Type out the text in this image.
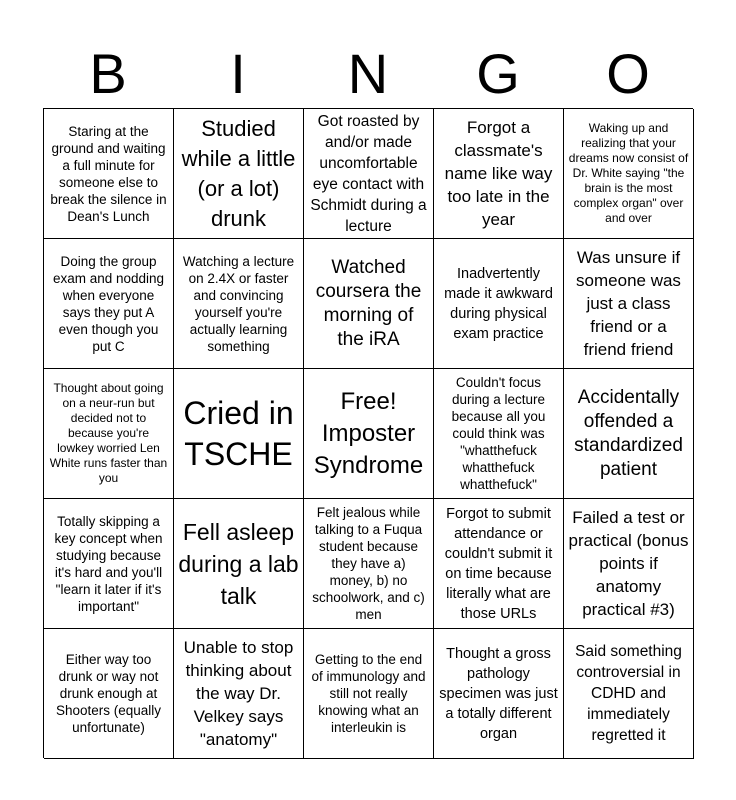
B	I	N	G	O
Staring at the ground and waiting a full minute for someone else to break the silence in Dean's Lunch
Studied while a little (or a lot) drunk
Got roasted by and/or made uncomfortable eye contact with Schmidt during a lecture
Forgot a classmate's name like way too late in the year
Waking up and realizing that your dreams now consist of Dr. White saying "the brain is the most complex organ" over and over
Doing the group exam and nodding when everyone says they put A even though you put C
Watching a lecture on 2.4X or faster and convincing yourself you're actually learning something
Watched coursera the morning of the iRA
Inadvertently made it awkward during physical exam practice
Was unsure if someone was just a class friend or a friend friend
Thought about going on a neur-run but decided not to because you're lowkey worried Len White runs faster than you
Cried in TSCHE
Free! Imposter Syndrome
Couldn't focus during a lecture because all you could think was "whatthefuck whatthefuck whatthefuck"
Accidentally offended a standardized patient
Totally skipping a key concept when studying because it's hard and you'll "learn it later if it's important"
Fell asleep during a lab talk
Felt jealous while talking to a Fuqua student because they have a) money, b) no schoolwork, and c) men
Forgot to submit attendance or couldn't submit it on time because literally what are those URLs
Failed a test or practical (bonus points if anatomy practical #3)
Either way too drunk or way not drunk enough at Shooters (equally unfortunate)
Unable to stop thinking about the way Dr. Velkey says "anatomy"
Getting to the end of immunology and still not really knowing what an interleukin is
Thought a gross pathology specimen was just a totally different organ
Said something controversial in CDHD and immediately regretted it
